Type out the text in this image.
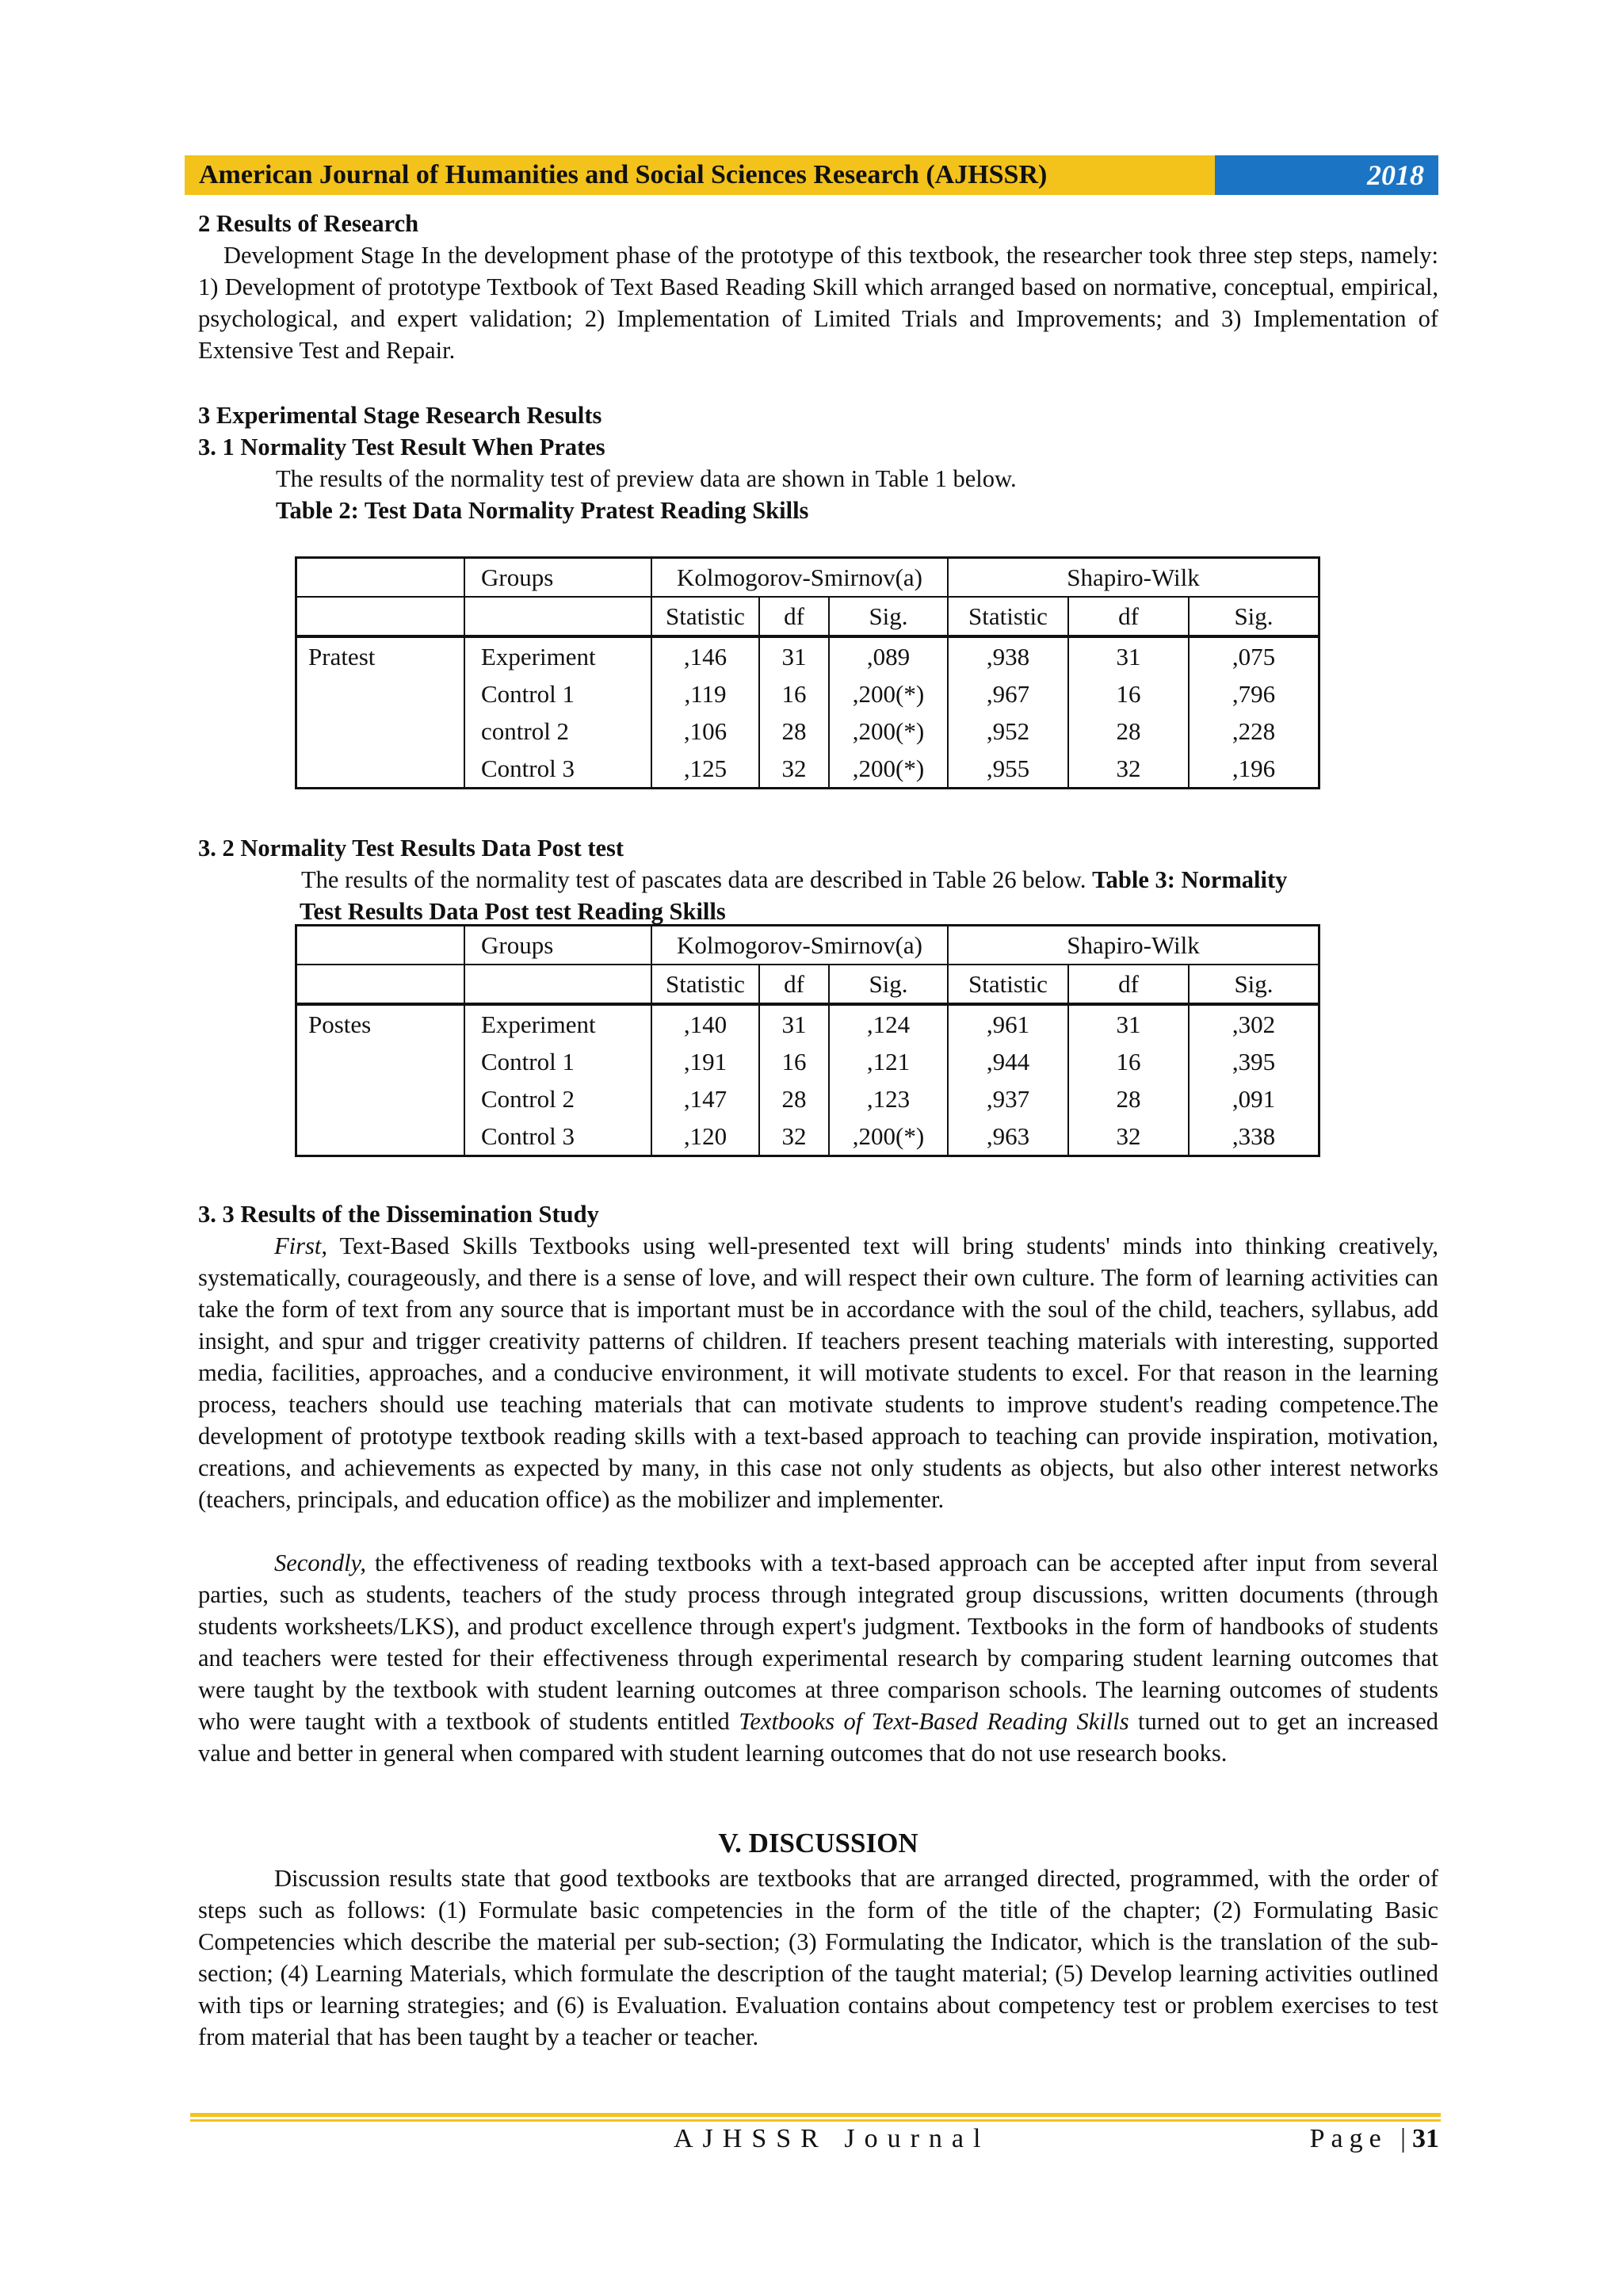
American Journal of Humanities and Social Sciences Research (AJHSSR)	2018
2 Results of Research
Development Stage In the development phase of the prototype of this textbook, the researcher took three step steps, namely: 1) Development of prototype Textbook of Text Based Reading Skill which arranged based on normative, conceptual, empirical, psychological, and expert validation; 2) Implementation of Limited Trials and Improvements; and 3) Implementation of Extensive Test and Repair.
3 Experimental Stage Research Results
3. 1 Normality Test Result When Prates
The results of the normality test of preview data are shown in Table 1 below.
Table 2: Test Data Normality Pratest Reading Skills
	Groups	Kolmogorov-Smirnov(a)			Shapiro-Wilk		
		Statistic	df	Sig.	Statistic	df	Sig.
Pratest	Experiment	,146	31	,089	,938	31	,075
	Control 1	,119	16	,200(*)	,967	16	,796
	control 2	,106	28	,200(*)	,952	28	,228
	Control 3	,125	32	,200(*)	,955	32	,196
3. 2 Normality Test Results Data Post test
The results of the normality test of pascates data are described in Table 26 below. Table 3: Normality
Test Results Data Post test Reading Skills
	Groups	Kolmogorov-Smirnov(a)			Shapiro-Wilk		
		Statistic	df	Sig.	Statistic	df	Sig.
Postes	Experiment	,140	31	,124	,961	31	,302
	Control 1	,191	16	,121	,944	16	,395
	Control 2	,147	28	,123	,937	28	,091
	Control 3	,120	32	,200(*)	,963	32	,338
3. 3 Results of the Dissemination Study
First, Text-Based Skills Textbooks using well-presented text will bring students' minds into thinking creatively, systematically, courageously, and there is a sense of love, and will respect their own culture. The form of learning activities can take the form of text from any source that is important must be in accordance with the soul of the child, teachers, syllabus, add insight, and spur and trigger creativity patterns of children. If teachers present teaching materials with interesting, supported media, facilities, approaches, and a conducive environment, it will motivate students to excel. For that reason in the learning process, teachers should use teaching materials that can motivate students to improve student's reading competence.The development of prototype textbook reading skills with a text-based approach to teaching can provide inspiration, motivation, creations, and achievements as expected by many, in this case not only students as objects, but also other interest networks (teachers, principals, and education office) as the mobilizer and implementer.
Secondly, the effectiveness of reading textbooks with a text-based approach can be accepted after input from several parties, such as students, teachers of the study process through integrated group discussions, written documents (through students worksheets/LKS), and product excellence through expert's judgment. Textbooks in the form of handbooks of students and teachers were tested for their effectiveness through experimental research by comparing student learning outcomes that were taught by the textbook with student learning outcomes at three comparison schools. The learning outcomes of students who were taught with a textbook of students entitled Textbooks of Text-Based Reading Skills turned out to get an increased value and better in general when compared with student learning outcomes that do not use research books.
V. DISCUSSION
Discussion results state that good textbooks are textbooks that are arranged directed, programmed, with the order of steps such as follows: (1) Formulate basic competencies in the form of the title of the chapter; (2) Formulating Basic Competencies which describe the material per sub-section; (3) Formulating the Indicator, which is the translation of the sub-section; (4) Learning Materials, which formulate the description of the taught material; (5) Develop learning activities outlined with tips or learning strategies; and (6) is Evaluation. Evaluation contains about competency test or problem exercises to test from material that has been taught by a teacher or teacher.
AJHSSR Journal	Page |31
